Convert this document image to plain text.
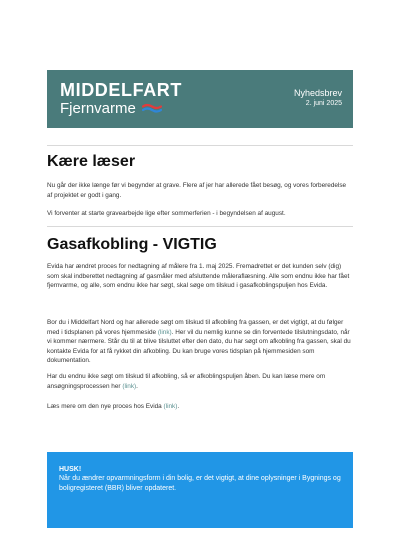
MIDDELFART
Fjernvarme
Nyhedsbrev
2. juni 2025
Kære læser

Nu går der ikke længe før vi begynder at grave. Flere af jer har allerede fået besøg, og vores forberedelse af projektet er godt i gang.

Vi forventer at starte gravearbejde lige efter sommerferien - i begyndelsen af august.

Gasafkobling - VIGTIG

Evida har ændret proces for nedtagning af målere fra 1. maj 2025. Fremadrettet er det kunden selv (dig) som skal indberettet nedtagning af gasmåler med afsluttende måleraflæsning. Alle som endnu ikke har fået fjernvarme, og alle, som endnu ikke har søgt, skal søge om tilskud i gasafkoblingspuljen hos Evida.

Bor du i Middelfart Nord og har allerede søgt om tilskud til afkobling fra gassen, er det vigtigt, at du følger med i tidsplanen på vores hjemmeside (link). Her vil du nemlig kunne se din forventede tilslutningsdato, når vi kommer nærmere. Står du til at blive tilsluttet efter den dato, du har søgt om afkobling fra gassen, skal du kontakte Evida for at få rykket din afkobling. Du kan bruge vores tidsplan på hjemmesiden som dokumentation.

Har du endnu ikke søgt om tilskud til afkobling, så er afkoblingspuljen åben. Du kan læse mere om ansøgningsprocessen her (link).

Læs mere om den nye proces hos Evida (link).

HUSK!

Når du ændrer opvarmningsform i din bolig, er det vigtigt, at dine oplysninger i Bygnings og boligregisteret (BBR) bliver opdateret.
